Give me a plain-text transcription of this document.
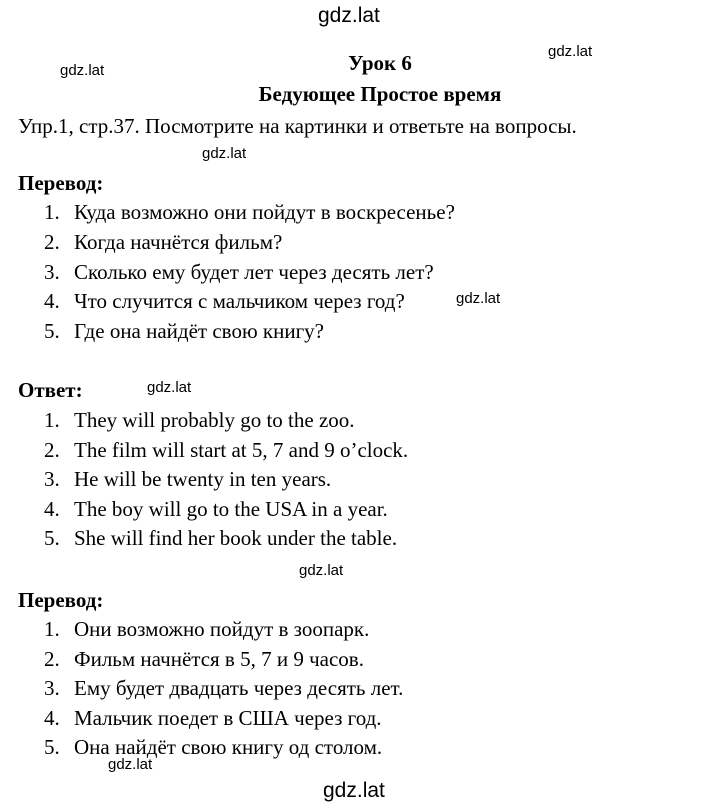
gdz.lat
gdz.lat
gdz.lat
gdz.lat
gdz.lat
gdz.lat
gdz.lat
gdz.lat
gdz.lat
Урок 6
Бедующее Простое время
Упр.1, стр.37. Посмотрите на картинки и ответьте на вопросы.
Перевод:
1. Куда возможно они пойдут в воскресенье?
2. Когда начнётся фильм?
3. Сколько ему будет лет через десять лет?
4. Что случится с мальчиком через год?
5. Где она найдёт свою книгу?
Ответ:
1. They will probably go to the zoo.
2. The film will start at 5, 7 and 9 o’clock.
3. He will be twenty in ten years.
4. The boy will go to the USA in a year.
5. She will find her book under the table.
Перевод:
1. Они возможно пойдут в зоопарк.
2. Фильм начнётся в 5, 7 и 9 часов.
3. Ему будет двадцать через десять лет.
4. Мальчик поедет в США через год.
5. Она найдёт свою книгу од столом.
